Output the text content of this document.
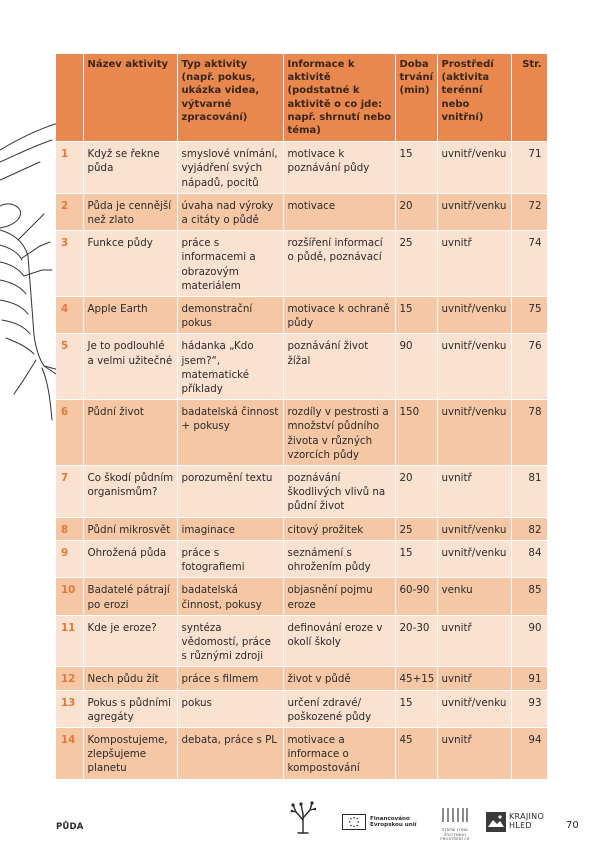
	Název aktivity	Typ aktivity (např. pokus, ukázka videa, výtvarné zpracování)	Informace k aktivitě (podstatné k aktivitě o co jde: např. shrnutí nebo téma)	Doba trvání (min)	Prostředí (aktivita terénní nebo vnitřní)	Str.
1	Když se řekne půda	smyslové vnímání, vyjádření svých nápadů, pocitů	motivace k poznávání půdy	15	uvnitř/venku	71
2	Půda je cennější než zlato	úvaha nad výroky a citáty o půdě	motivace	20	uvnitř/venku	72
3	Funkce půdy	práce s informacemi a obrazovým materiálem	rozšíření informací o půdě, poznávací	25	uvnitř	74
4	Apple Earth	demonstrační pokus	motivace k ochraně půdy	15	uvnitř/venku	75
5	Je to podlouhlé a velmi užitečné	hádanka „Kdo jsem?“, matematické příklady	poznávání život žížal	90	uvnitř/venku	76
6	Půdní život	badatelská činnost + pokusy	rozdíly v pestrosti a množství půdního života v různých vzorcích půdy	150	uvnitř/venku	78
7	Co škodí půdním organismům?	porozumění textu	poznávání škodlivých vlivů na půdní život	20	uvnitř	81
8	Půdní mikrosvět	imaginace	citový prožitek	25	uvnitř/venku	82
9	Ohrožená půda	práce s fotografiemi	seznámení s ohrožením půdy	15	uvnitř/venku	84
10	Badatelé pátrají po erozi	badatelská činnost, pokusy	objasnění pojmu eroze	60-90	venku	85
11	Kde je eroze?	syntéza vědomostí, práce s různými zdroji	definování eroze v okolí školy	20-30	uvnitř	90
12	Nech půdu žít	práce s filmem	život v půdě	45+15	uvnitř	91
13	Pokus s půdními agregáty	pokus	určení zdravé/ poškozené půdy	15	uvnitř/venku	93
14	Kompostujeme, zlepšujeme planetu	debata, práce s PL	motivace a informace o kompostování	45	uvnitř	94
PŮDA
Financováno Evropskou unií
STÁTNÍ FOND ŽIVOTNÍHO PROSTŘEDÍ ČR
KRAJINO
HLED	70
